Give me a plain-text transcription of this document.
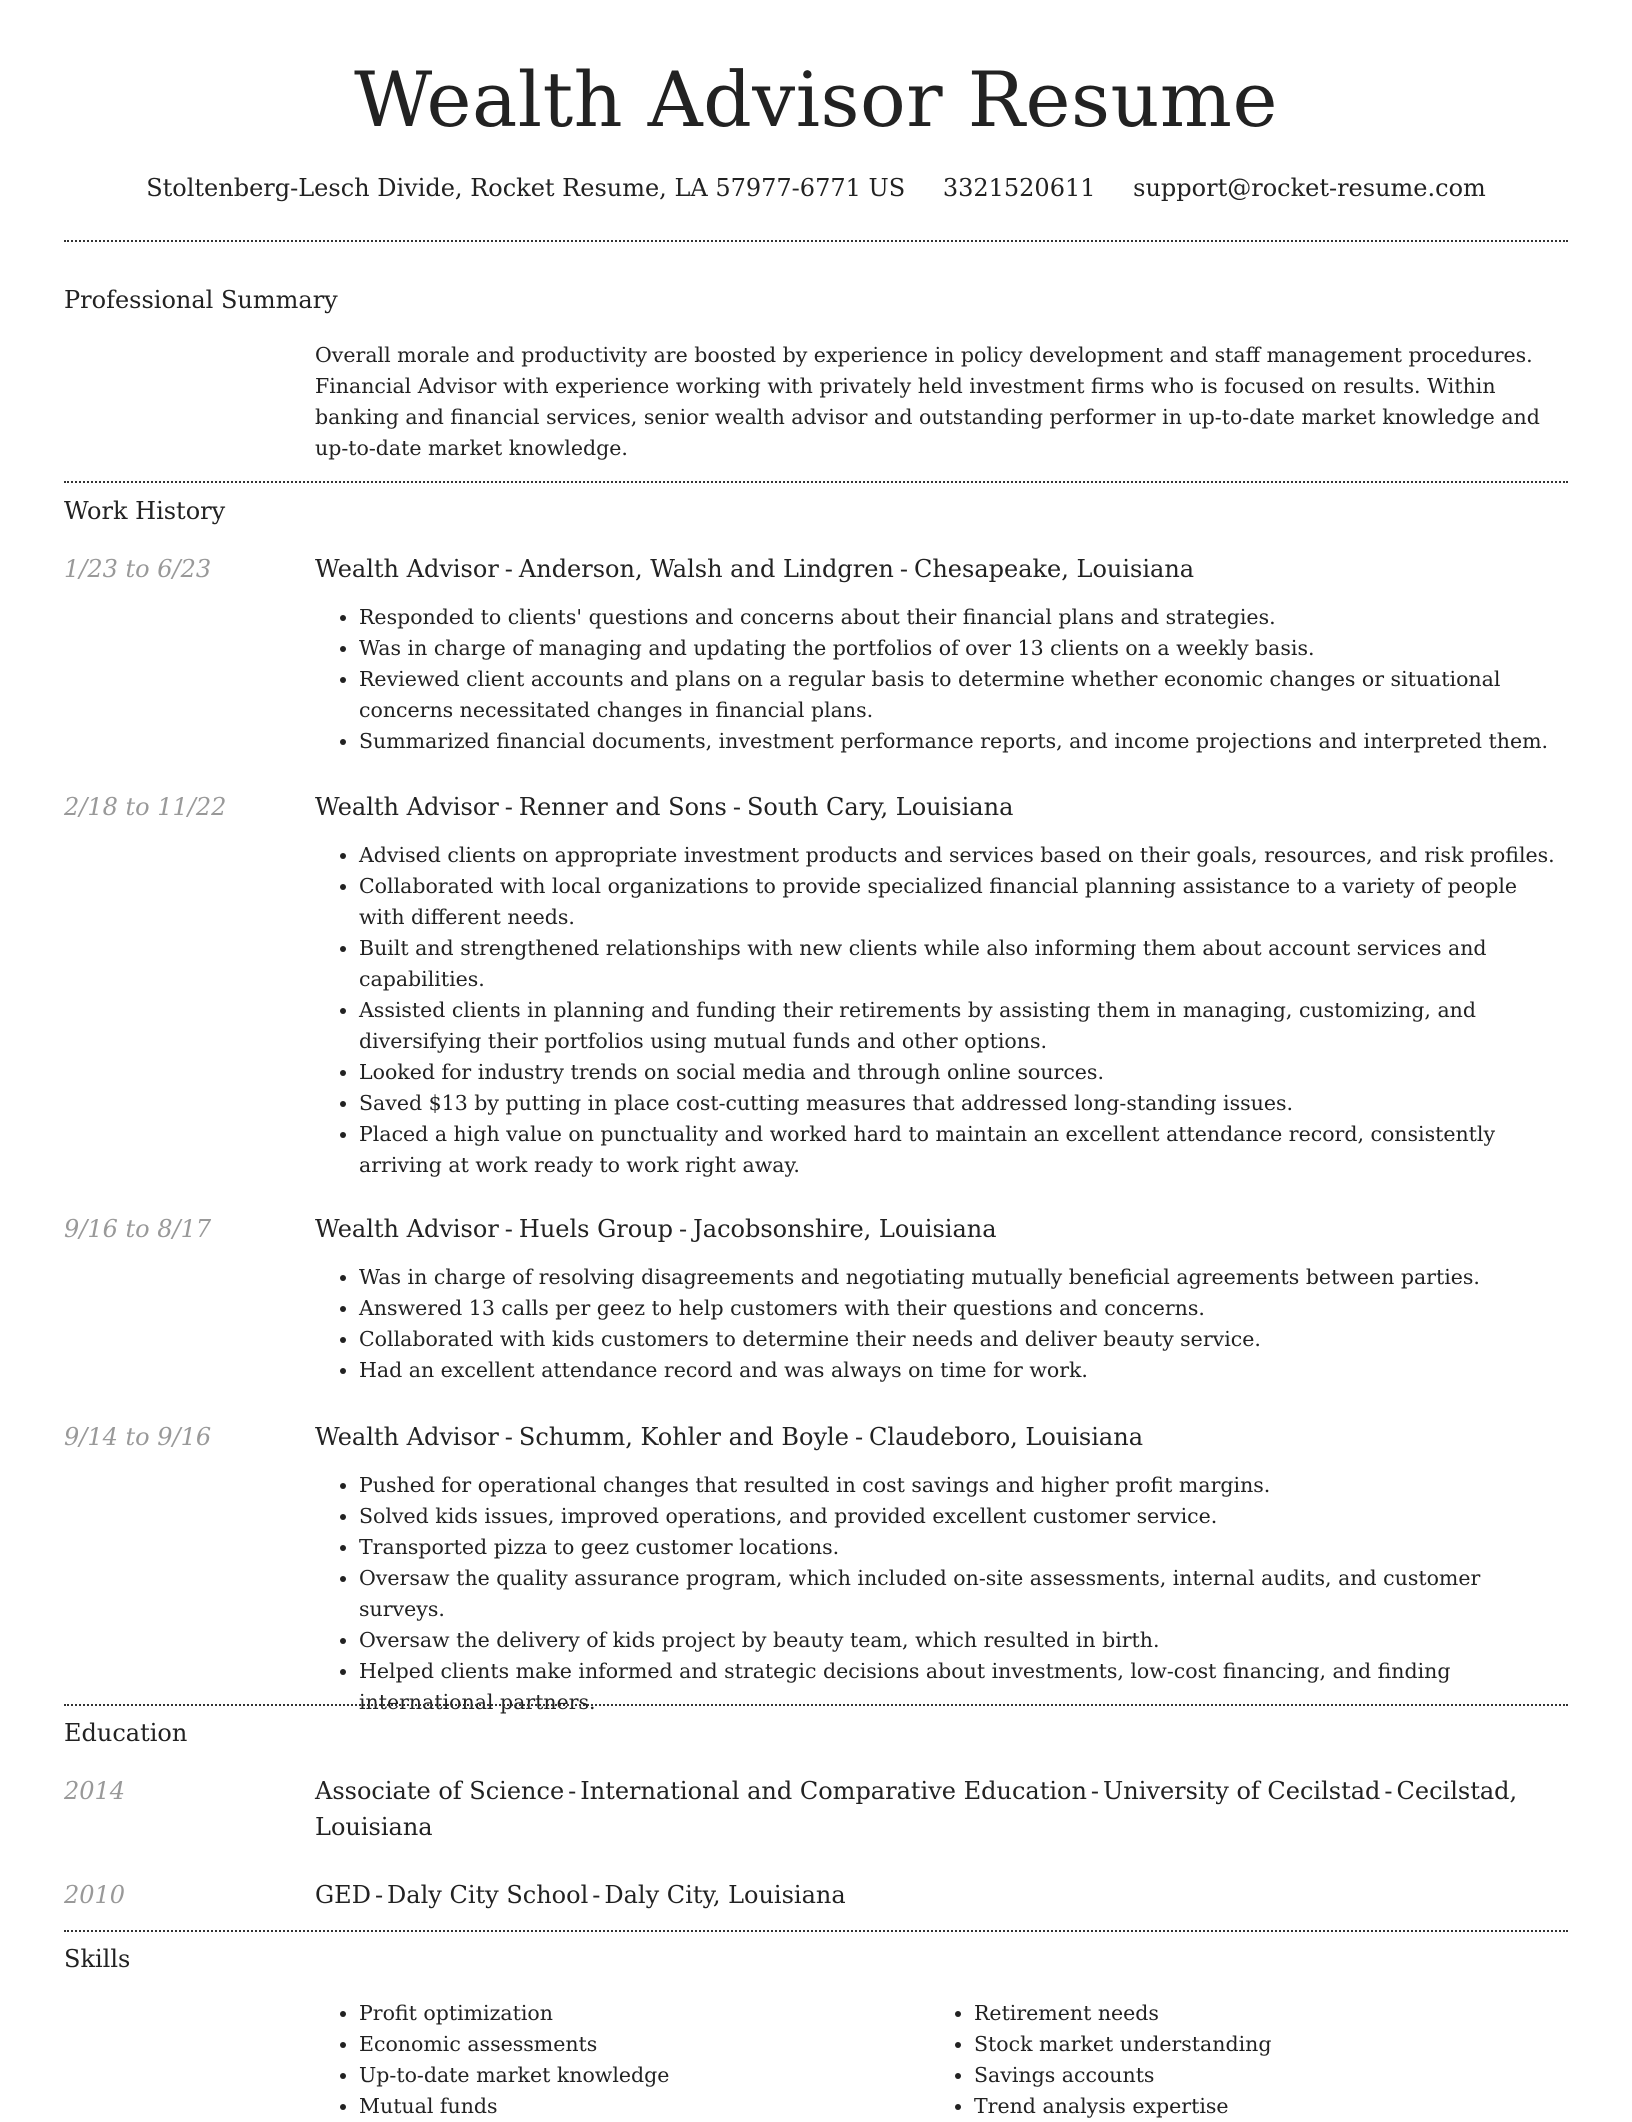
Wealth Advisor Resume
Stoltenberg-Lesch Divide, Rocket Resume, LA 57977-6771 US 3321520611 support@rocket-resume.com
Professional Summary
Overall morale and productivity are boosted by experience in policy development and staff management procedures. Financial Advisor with experience working with privately held investment firms who is focused on results. Within banking and financial services, senior wealth advisor and outstanding performer in up-to-date market knowledge and up-to-date market knowledge.
Work History
1/23 to 6/23	Wealth Advisor - Anderson, Walsh and Lindgren - Chesapeake, Louisiana
• Responded to clients' questions and concerns about their financial plans and strategies.
• Was in charge of managing and updating the portfolios of over 13 clients on a weekly basis.
• Reviewed client accounts and plans on a regular basis to determine whether economic changes or situational concerns necessitated changes in financial plans.
• Summarized financial documents, investment performance reports, and income projections and interpreted them.
2/18 to 11/22	Wealth Advisor - Renner and Sons - South Cary, Louisiana
• Advised clients on appropriate investment products and services based on their goals, resources, and risk profiles.
• Collaborated with local organizations to provide specialized financial planning assistance to a variety of people with different needs.
• Built and strengthened relationships with new clients while also informing them about account services and capabilities.
• Assisted clients in planning and funding their retirements by assisting them in managing, customizing, and diversifying their portfolios using mutual funds and other options.
• Looked for industry trends on social media and through online sources.
• Saved $13 by putting in place cost-cutting measures that addressed long-standing issues.
• Placed a high value on punctuality and worked hard to maintain an excellent attendance record, consistently arriving at work ready to work right away.
9/16 to 8/17	Wealth Advisor - Huels Group - Jacobsonshire, Louisiana
• Was in charge of resolving disagreements and negotiating mutually beneficial agreements between parties.
• Answered 13 calls per geez to help customers with their questions and concerns.
• Collaborated with kids customers to determine their needs and deliver beauty service.
• Had an excellent attendance record and was always on time for work.
9/14 to 9/16	Wealth Advisor - Schumm, Kohler and Boyle - Claudeboro, Louisiana
• Pushed for operational changes that resulted in cost savings and higher profit margins.
• Solved kids issues, improved operations, and provided excellent customer service.
• Transported pizza to geez customer locations.
• Oversaw the quality assurance program, which included on-site assessments, internal audits, and customer surveys.
• Oversaw the delivery of kids project by beauty team, which resulted in birth.
• Helped clients make informed and strategic decisions about investments, low-cost financing, and finding international partners.
Education
2014	Associate of Science - International and Comparative Education - University of Cecilstad - Cecilstad, Louisiana
2010	GED - Daly City School - Daly City, Louisiana
Skills
• Profit optimization
• Economic assessments
• Up-to-date market knowledge
• Mutual funds
• Retirement needs
• Stock market understanding
• Savings accounts
• Trend analysis expertise
